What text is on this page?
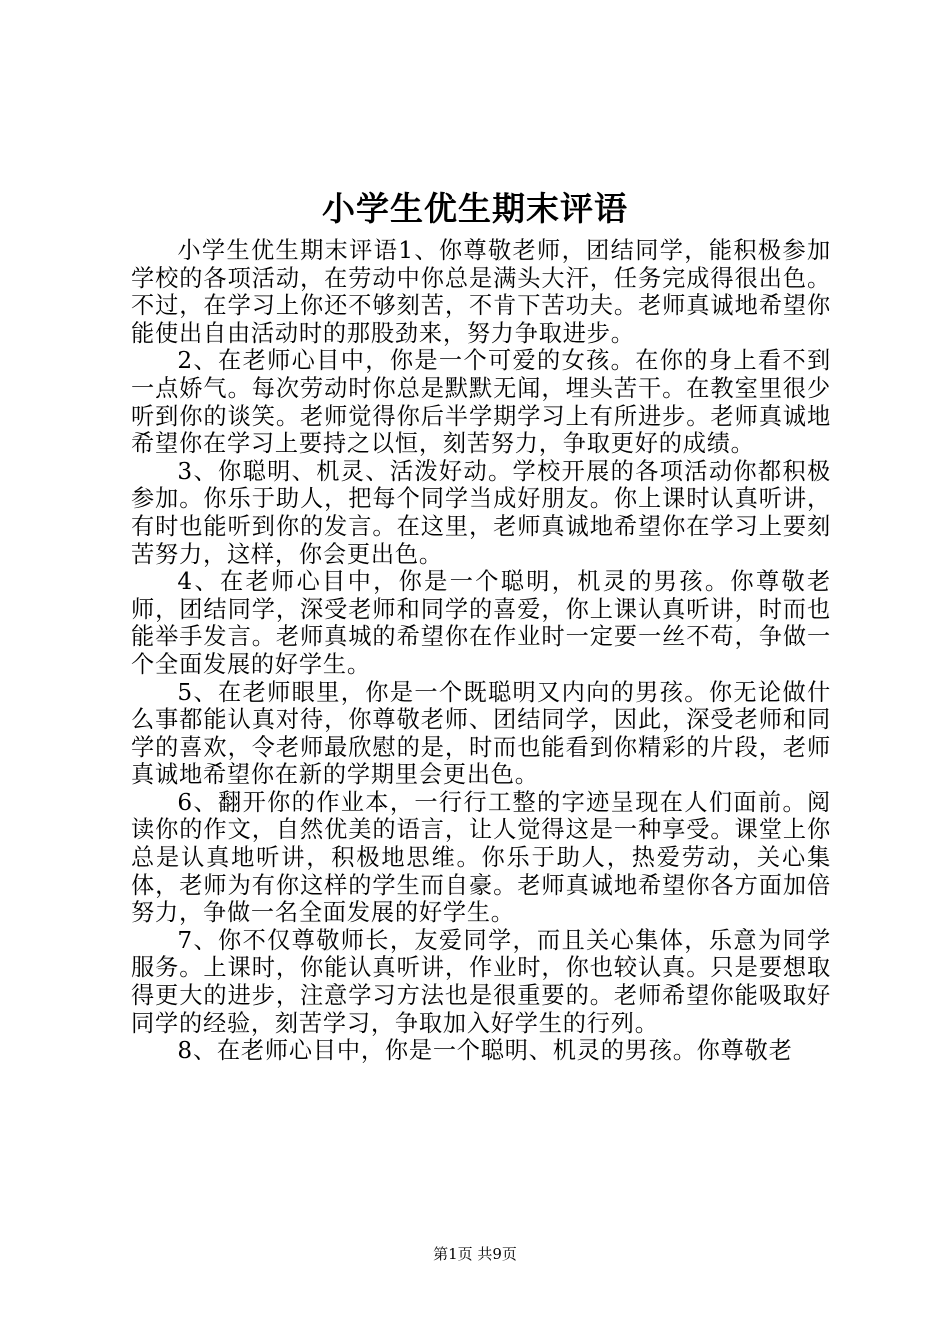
小学生优生期末评语

小学生优生期末评语1、你尊敬老师，团结同学，能积极参加学校的各项活动，在劳动中你总是满头大汗，任务完成得很出色。不过，在学习上你还不够刻苦，不肯下苦功夫。老师真诚地希望你能使出自由活动时的那股劲来，努力争取进步。

2、在老师心目中，你是一个可爱的女孩。在你的身上看不到一点娇气。每次劳动时你总是默默无闻，埋头苦干。在教室里很少听到你的谈笑。老师觉得你后半学期学习上有所进步。老师真诚地希望你在学习上要持之以恒，刻苦努力，争取更好的成绩。

3、你聪明、机灵、活泼好动。学校开展的各项活动你都积极参加。你乐于助人，把每个同学当成好朋友。你上课时认真听讲，有时也能听到你的发言。在这里，老师真诚地希望你在学习上要刻苦努力，这样，你会更出色。

4、在老师心目中，你是一个聪明，机灵的男孩。你尊敬老师，团结同学，深受老师和同学的喜爱，你上课认真听讲，时而也能举手发言。老师真城的希望你在作业时一定要一丝不苟，争做一个全面发展的好学生。

5、在老师眼里，你是一个既聪明又内向的男孩。你无论做什么事都能认真对待，你尊敬老师、团结同学，因此，深受老师和同学的喜欢，令老师最欣慰的是，时而也能看到你精彩的片段，老师真诚地希望你在新的学期里会更出色。

6、翻开你的作业本，一行行工整的字迹呈现在人们面前。阅读你的作文，自然优美的语言，让人觉得这是一种享受。课堂上你总是认真地听讲，积极地思维。你乐于助人，热爱劳动，关心集体，老师为有你这样的学生而自豪。老师真诚地希望你各方面加倍努力，争做一名全面发展的好学生。

7、你不仅尊敬师长，友爱同学，而且关心集体，乐意为同学服务。上课时，你能认真听讲，作业时，你也较认真。只是要想取得更大的进步，注意学习方法也是很重要的。老师希望你能吸取好同学的经验，刻苦学习，争取加入好学生的行列。

8、在老师心目中，你是一个聪明、机灵的男孩。你尊敬老

第1页 共9页
